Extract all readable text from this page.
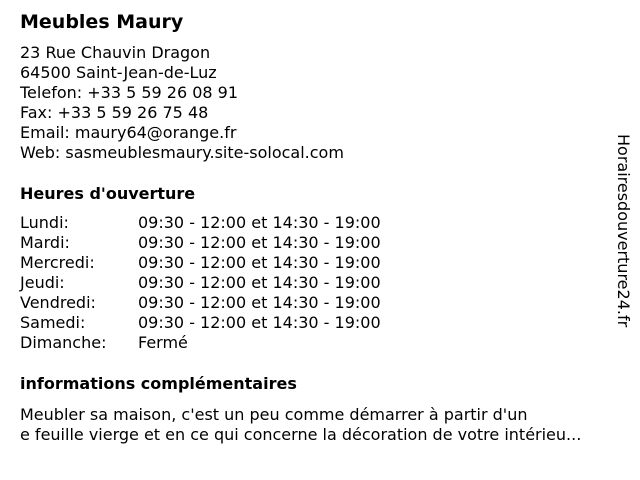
Meubles Maury
23 Rue Chauvin Dragon
64500 Saint-Jean-de-Luz
Telefon: +33 5 59 26 08 91
Fax: +33 5 59 26 75 48
Email: maury64@orange.fr
Web: sasmeublesmaury.site-solocal.com
Heures d'ouverture
Lundi:	09:30 - 12:00 et 14:30 - 19:00
Mardi:	09:30 - 12:00 et 14:30 - 19:00
Mercredi:	09:30 - 12:00 et 14:30 - 19:00
Jeudi:	09:30 - 12:00 et 14:30 - 19:00
Vendredi:	09:30 - 12:00 et 14:30 - 19:00
Samedi:	09:30 - 12:00 et 14:30 - 19:00
Dimanche: Fermé
informations complémentaires
Meubler sa maison, c'est un peu comme démarrer à partir d'un
e feuille vierge et en ce qui concerne la décoration de votre intérieu...
Horairesdouverture24.fr
